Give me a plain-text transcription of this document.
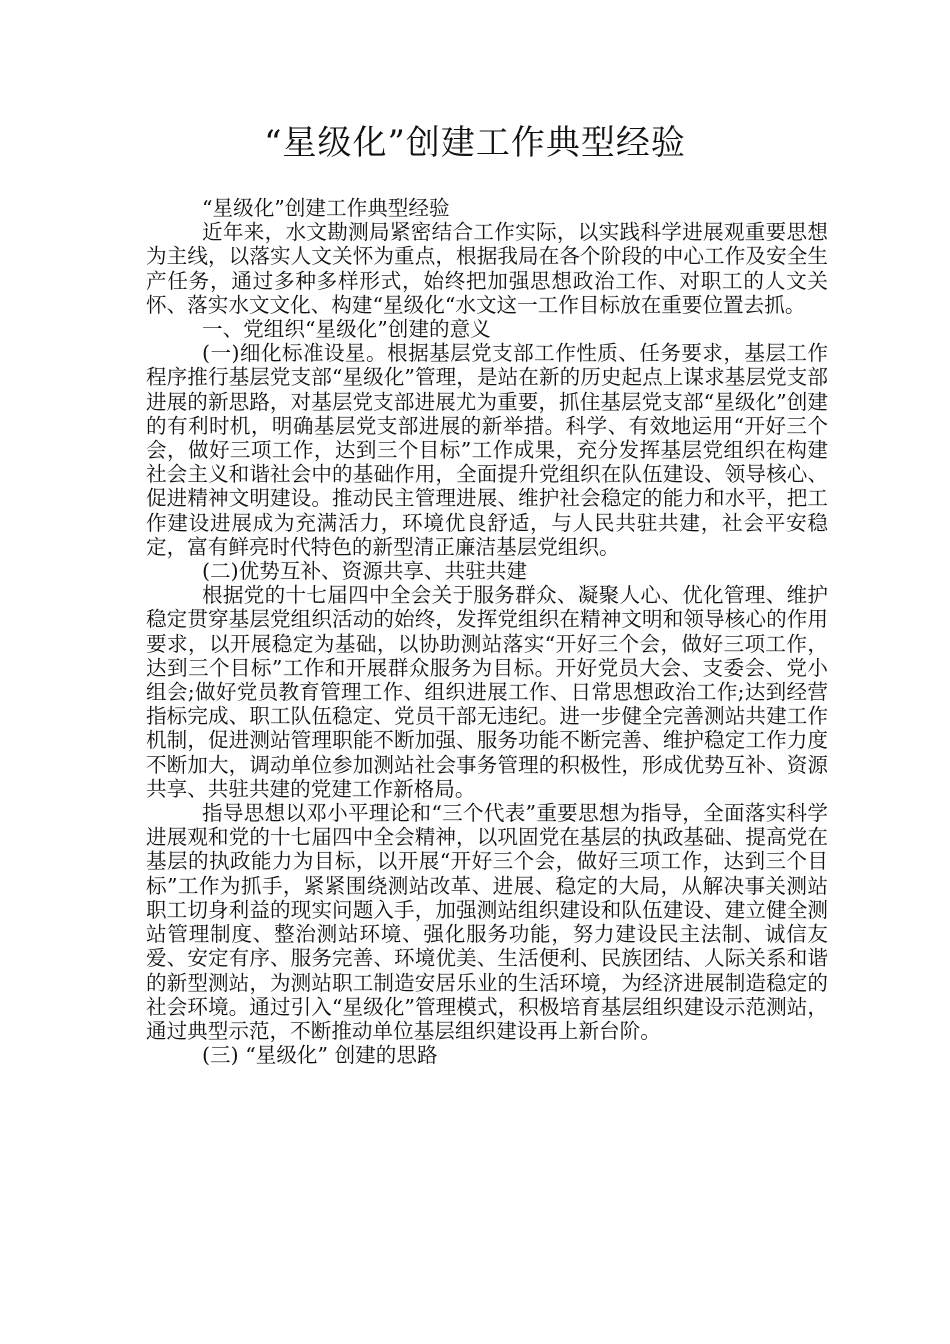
“星级化”创建工作典型经验

“星级化”创建工作典型经验

近年来，水文勘测局紧密结合工作实际，以实践科学进展观重要思想为主线，以落实人文关怀为重点，根据我局在各个阶段的中心工作及安全生产任务，通过多种多样形式，始终把加强思想政治工作、对职工的人文关怀、落实水文文化、构建“星级化“水文这一工作目标放在重要位置去抓。

一、党组织“星级化”创建的意义

(一)细化标准设星。根据基层党支部工作性质、任务要求，基层工作程序推行基层党支部“星级化”管理，是站在新的历史起点上谋求基层党支部进展的新思路，对基层党支部进展尤为重要，抓住基层党支部“星级化”创建的有利时机，明确基层党支部进展的新举措。科学、有效地运用“开好三个会，做好三项工作，达到三个目标”工作成果，充分发挥基层党组织在构建社会主义和谐社会中的基础作用，全面提升党组织在队伍建设、领导核心、促进精神文明建设。推动民主管理进展、维护社会稳定的能力和水平，把工作建设进展成为充满活力，环境优良舒适，与人民共驻共建，社会平安稳定，富有鲜亮时代特色的新型清正廉洁基层党组织。

(二)优势互补、资源共享、共驻共建

根据党的十七届四中全会关于服务群众、凝聚人心、优化管理、维护稳定贯穿基层党组织活动的始终，发挥党组织在精神文明和领导核心的作用要求，以开展稳定为基础，以协助测站落实“开好三个会，做好三项工作，达到三个目标”工作和开展群众服务为目标。开好党员大会、支委会、党小组会;做好党员教育管理工作、组织进展工作、日常思想政治工作;达到经营指标完成、职工队伍稳定、党员干部无违纪。进一步健全完善测站共建工作机制，促进测站管理职能不断加强、服务功能不断完善、维护稳定工作力度不断加大，调动单位参加测站社会事务管理的积极性，形成优势互补、资源共享、共驻共建的党建工作新格局。

指导思想以邓小平理论和“三个代表”重要思想为指导，全面落实科学进展观和党的十七届四中全会精神，以巩固党在基层的执政基础、提高党在基层的执政能力为目标，以开展“开好三个会，做好三项工作，达到三个目标”工作为抓手，紧紧围绕测站改革、进展、稳定的大局，从解决事关测站职工切身利益的现实问题入手，加强测站组织建设和队伍建设、建立健全测站管理制度、整治测站环境、强化服务功能，努力建设民主法制、诚信友爱、安定有序、服务完善、环境优美、生活便利、民族团结、人际关系和谐的新型测站，为测站职工制造安居乐业的生活环境，为经济进展制造稳定的社会环境。通过引入“星级化”管理模式，积极培育基层组织建设示范测站，通过典型示范，不断推动单位基层组织建设再上新台阶。

(三) “星级化” 创建的思路
